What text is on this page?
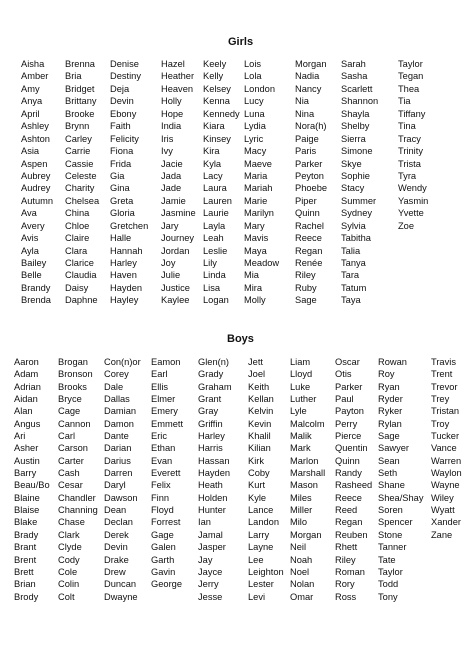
Girls
Aisha
Amber
Amy
Anya
April
Ashley
Ashton
Asia
Aspen
Aubrey
Audrey
Autumn
Ava
Avery
Avis
Ayla
Bailey
Belle
Brandy
Brenda
Brenna
Bria
Bridget
Brittany
Brooke
Brynn
Carley
Carrie
Cassie
Celeste
Charity
Chelsea
China
Chloe
Claire
Clara
Clarice
Claudia
Daisy
Daphne
Denise
Destiny
Deja
Devin
Ebony
Faith
Felicity
Fiona
Frida
Gia
Gina
Greta
Gloria
Gretchen
Halle
Hannah
Harley
Haven
Hayden
Hayley
Hazel
Heather
Heaven
Holly
Hope
India
Iris
Ivy
Jacie
Jada
Jade
Jamie
Jasmine
Jary
Journey
Jordan
Joy
Julie
Justice
Kaylee
Keely
Kelly
Kelsey
Kenna
Kennedy
Kiara
Kinsey
Kira
Kyla
Lacy
Laura
Lauren
Laurie
Layla
Leah
Leslie
Lily
Linda
Lisa
Logan
Lois
Lola
London
Lucy
Luna
Lydia
Lyric
Macy
Maeve
Maria
Mariah
Marie
Marilyn
Mary
Mavis
Maya
Meadow
Mia
Mira
Molly
Morgan
Nadia
Nancy
Nia
Nina
Nora(h)
Paige
Paris
Parker
Peyton
Phoebe
Piper
Quinn
Rachel
Reece
Regan
Renée
Riley
Ruby
Sage
Sarah
Sasha
Scarlett
Shannon
Shayla
Shelby
Sierra
Simone
Skye
Sophie
Stacy
Summer
Sydney
Sylvia
Tabitha
Talia
Tanya
Tara
Tatum
Taya
Taylor
Tegan
Thea
Tia
Tiffany
Tina
Tracy
Trinity
Trista
Tyra
Wendy
Yasmin
Yvette
Zoe
Boys
Aaron
Adam
Adrian
Aidan
Alan
Angus
Ari
Asher
Austin
Barry
Beau/Bo
Blaine
Blaise
Blake
Brady
Brant
Brent
Brett
Brian
Brody
Brogan
Bronson
Brooks
Bryce
Cage
Cannon
Carl
Carson
Carter
Cash
Cesar
Chandler
Channing
Chase
Clark
Clyde
Cody
Cole
Colin
Colt
Con(n)or
Corey
Dale
Dallas
Damian
Damon
Dante
Darian
Darius
Darren
Daryl
Dawson
Dean
Declan
Derek
Devin
Drake
Drew
Duncan
Dwayne
Eamon
Earl
Ellis
Elmer
Emery
Emmett
Eric
Ethan
Evan
Everett
Felix
Finn
Floyd
Forrest
Gage
Galen
Garth
Gavin
George
Glen(n)
Grady
Graham
Grant
Gray
Griffin
Harley
Harris
Hassan
Hayden
Heath
Holden
Hunter
Ian
Jamal
Jasper
Jay
Jayce
Jerry
Jesse
Jett
Joel
Keith
Kellan
Kelvin
Kevin
Khalil
Kilian
Kirk
Coby
Kurt
Kyle
Lance
Landon
Larry
Layne
Lee
Leighton
Lester
Levi
Liam
Lloyd
Luke
Luther
Lyle
Malcolm
Malik
Mark
Marlon
Marshall
Mason
Miles
Miller
Milo
Morgan
Neil
Noah
Noel
Nolan
Omar
Oscar
Otis
Parker
Paul
Payton
Perry
Pierce
Quentin
Quinn
Randy
Rasheed
Reece
Reed
Regan
Reuben
Rhett
Riley
Roman
Rory
Ross
Rowan
Roy
Ryan
Ryder
Ryker
Rylan
Sage
Sawyer
Sean
Seth
Shane
Shea/Shay
Soren
Spencer
Stone
Tanner
Tate
Taylor
Todd
Tony
Travis
Trent
Trevor
Trey
Tristan
Troy
Tucker
Vance
Warren
Waylon
Wayne
Wiley
Wyatt
Xander
Zane
